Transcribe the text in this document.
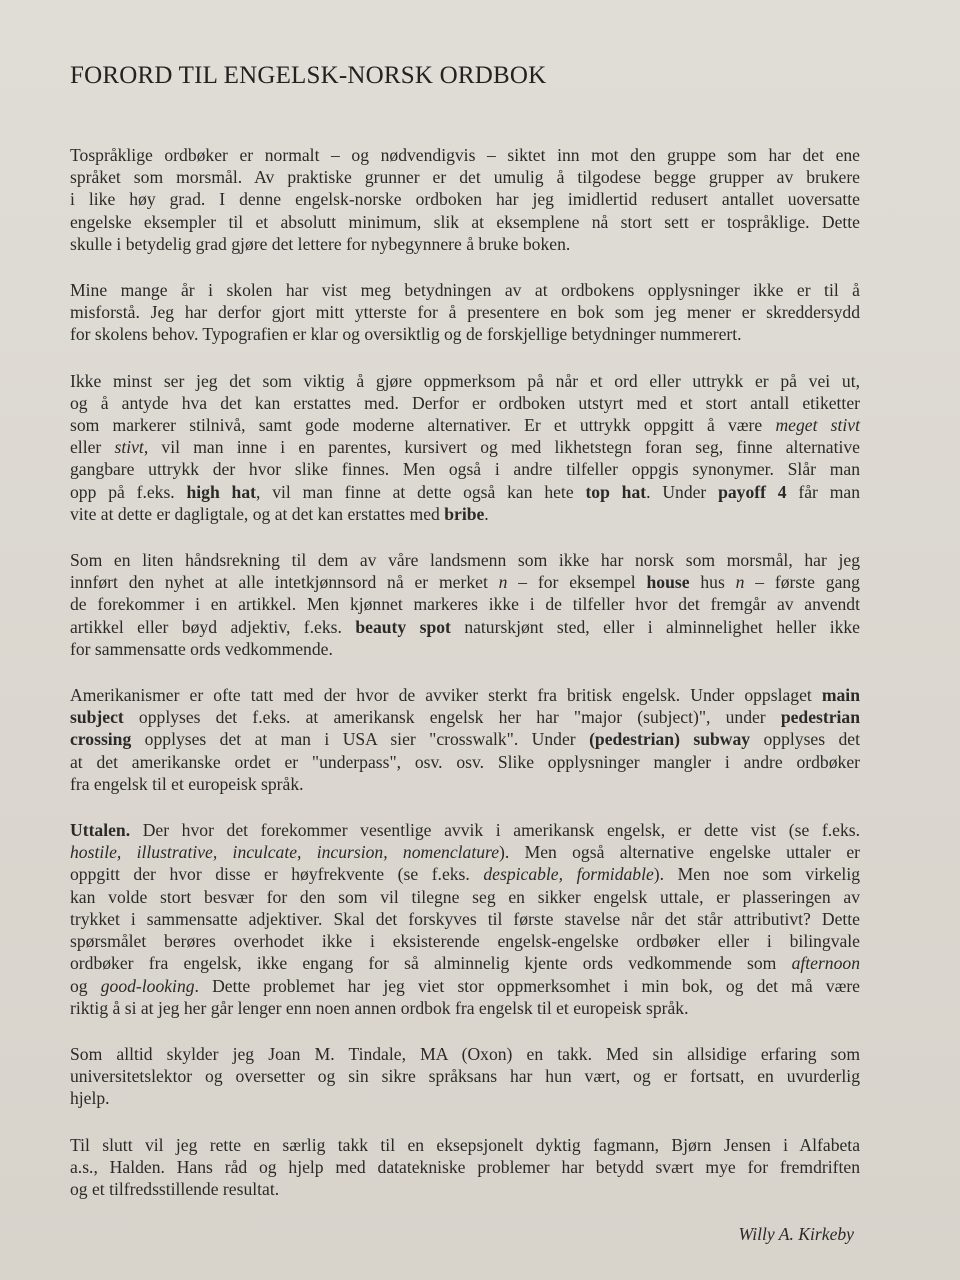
FORORD TIL ENGELSK-NORSK ORDBOK

Tospråklige ordbøker er normalt – og nødvendigvis – siktet inn mot den gruppe som har det ene
språket som morsmål. Av praktiske grunner er det umulig å tilgodese begge grupper av brukere
i like høy grad. I denne engelsk-norske ordboken har jeg imidlertid redusert antallet uoversatte
engelske eksempler til et absolutt minimum, slik at eksemplene nå stort sett er tospråklige. Dette
skulle i betydelig grad gjøre det lettere for nybegynnere å bruke boken.

Mine mange år i skolen har vist meg betydningen av at ordbokens opplysninger ikke er til å
misforstå. Jeg har derfor gjort mitt ytterste for å presentere en bok som jeg mener er skreddersydd
for skolens behov. Typografien er klar og oversiktlig og de forskjellige betydninger nummerert.

Ikke minst ser jeg det som viktig å gjøre oppmerksom på når et ord eller uttrykk er på vei ut,
og å antyde hva det kan erstattes med. Derfor er ordboken utstyrt med et stort antall etiketter
som markerer stilnivå, samt gode moderne alternativer. Er et uttrykk oppgitt å være meget stivt
eller stivt, vil man inne i en parentes, kursivert og med likhetstegn foran seg, finne alternative
gangbare uttrykk der hvor slike finnes. Men også i andre tilfeller oppgis synonymer. Slår man
opp på f.eks. high hat, vil man finne at dette også kan hete top hat. Under payoff 4 får man
vite at dette er dagligtale, og at det kan erstattes med bribe.

Som en liten håndsrekning til dem av våre landsmenn som ikke har norsk som morsmål, har jeg
innført den nyhet at alle intetkjønnsord nå er merket n – for eksempel house hus n – første gang
de forekommer i en artikkel. Men kjønnet markeres ikke i de tilfeller hvor det fremgår av anvendt
artikkel eller bøyd adjektiv, f.eks. beauty spot naturskjønt sted, eller i alminnelighet heller ikke
for sammensatte ords vedkommende.

Amerikanismer er ofte tatt med der hvor de avviker sterkt fra britisk engelsk. Under oppslaget main
subject opplyses det f.eks. at amerikansk engelsk her har "major (subject)", under pedestrian
crossing opplyses det at man i USA sier "crosswalk". Under (pedestrian) subway opplyses det
at det amerikanske ordet er "underpass", osv. osv. Slike opplysninger mangler i andre ordbøker
fra engelsk til et europeisk språk.

Uttalen. Der hvor det forekommer vesentlige avvik i amerikansk engelsk, er dette vist (se f.eks.
hostile, illustrative, inculcate, incursion, nomenclature). Men også alternative engelske uttaler er
oppgitt der hvor disse er høyfrekvente (se f.eks. despicable, formidable). Men noe som virkelig
kan volde stort besvær for den som vil tilegne seg en sikker engelsk uttale, er plasseringen av
trykket i sammensatte adjektiver. Skal det forskyves til første stavelse når det står attributivt? Dette
spørsmålet berøres overhodet ikke i eksisterende engelsk-engelske ordbøker eller i bilingvale
ordbøker fra engelsk, ikke engang for så alminnelig kjente ords vedkommende som afternoon
og good-looking. Dette problemet har jeg viet stor oppmerksomhet i min bok, og det må være
riktig å si at jeg her går lenger enn noen annen ordbok fra engelsk til et europeisk språk.

Som alltid skylder jeg Joan M. Tindale, MA (Oxon) en takk. Med sin allsidige erfaring som
universitetslektor og oversetter og sin sikre språksans har hun vært, og er fortsatt, en uvurderlig
hjelp.

Til slutt vil jeg rette en særlig takk til en eksepsjonelt dyktig fagmann, Bjørn Jensen i Alfabeta
a.s., Halden. Hans råd og hjelp med datatekniske problemer har betydd svært mye for fremdriften
og et tilfredsstillende resultat.

Willy A. Kirkeby
